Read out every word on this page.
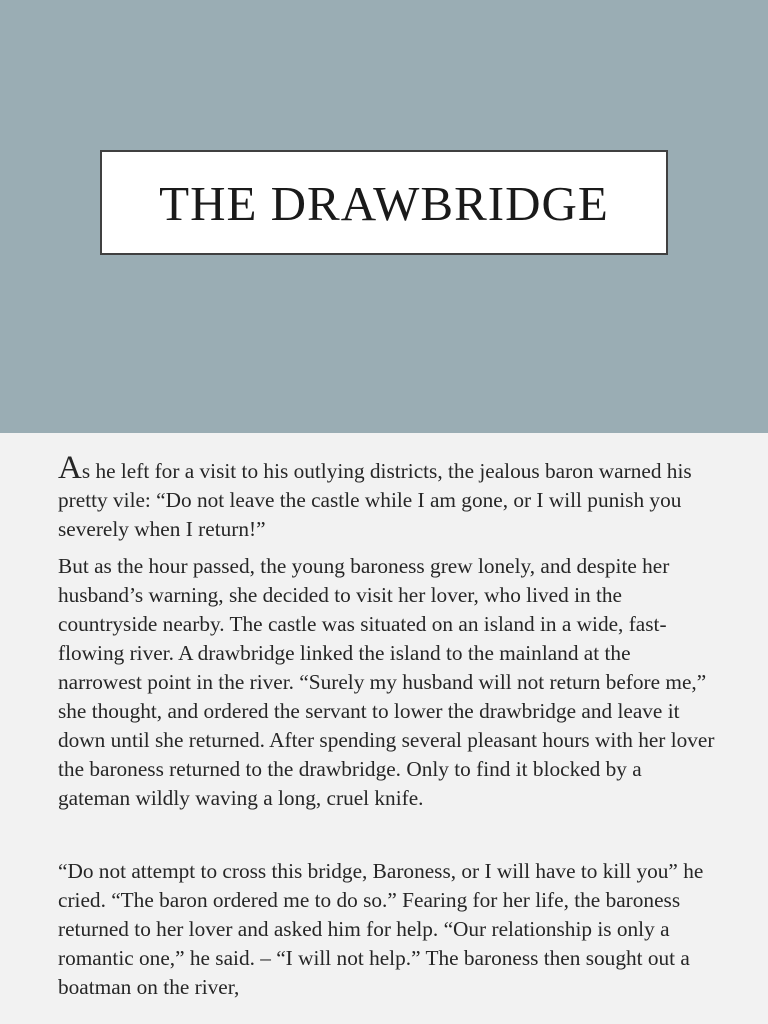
THE DRAWBRIDGE

As he left for a visit to his outlying districts, the jealous baron warned his pretty vile: “Do not leave the castle while I am gone, or I will punish you severely when I return!”

But as the hour passed, the young baroness grew lonely, and despite her husband’s warning, she decided to visit her lover, who lived in the countryside nearby. The castle was situated on an island in a wide, fast-flowing river. A drawbridge linked the island to the mainland at the narrowest point in the river. “Surely my husband will not return before me,” she thought, and ordered the servant to lower the drawbridge and leave it down until she returned. After spending several pleasant hours with her lover the baroness returned to the drawbridge. Only to find it blocked by a gateman wildly waving a long, cruel knife.

“Do not attempt to cross this bridge, Baroness, or I will have to kill you” he cried. “The baron ordered me to do so.” Fearing for her life, the baroness returned to her lover and asked him for help. “Our relationship is only a romantic one,” he said. – “I will not help.” The baroness then sought out a boatman on the river,
